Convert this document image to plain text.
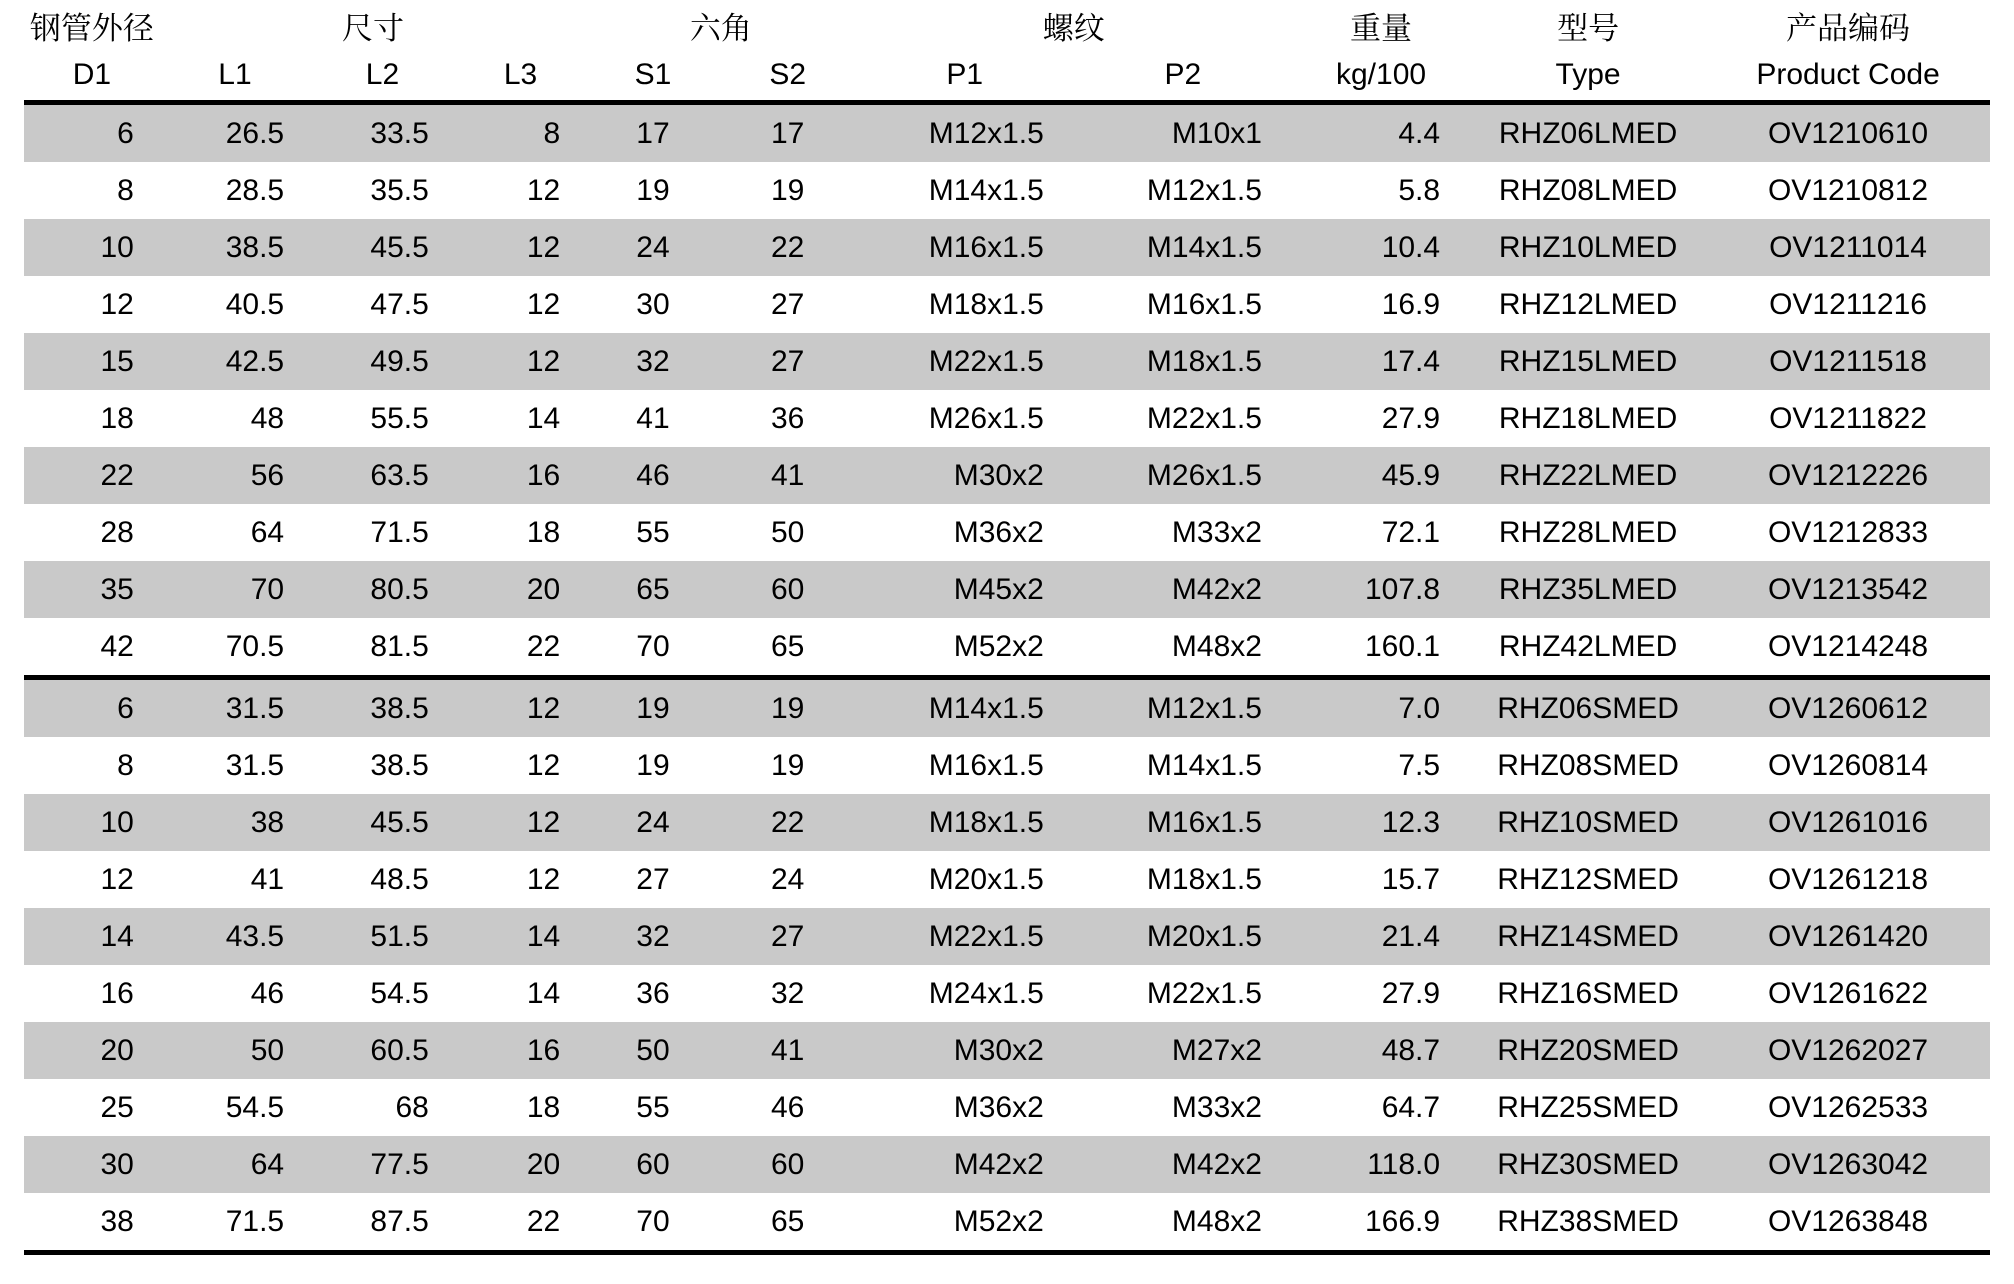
钢管外径	尺寸			六角		螺纹		重量	型号	产品编码
D1	L1	L2	L3	S1	S2	P1	P2	kg/100	Type	Product Code
6	26.5	33.5	8	17	17	M12x1.5	M10x1	4.4	RHZ06LMED	OV1210610
8	28.5	35.5	12	19	19	M14x1.5	M12x1.5	5.8	RHZ08LMED	OV1210812
10	38.5	45.5	12	24	22	M16x1.5	M14x1.5	10.4	RHZ10LMED	OV1211014
12	40.5	47.5	12	30	27	M18x1.5	M16x1.5	16.9	RHZ12LMED	OV1211216
15	42.5	49.5	12	32	27	M22x1.5	M18x1.5	17.4	RHZ15LMED	OV1211518
18	48	55.5	14	41	36	M26x1.5	M22x1.5	27.9	RHZ18LMED	OV1211822
22	56	63.5	16	46	41	M30x2	M26x1.5	45.9	RHZ22LMED	OV1212226
28	64	71.5	18	55	50	M36x2	M33x2	72.1	RHZ28LMED	OV1212833
35	70	80.5	20	65	60	M45x2	M42x2	107.8	RHZ35LMED	OV1213542
42	70.5	81.5	22	70	65	M52x2	M48x2	160.1	RHZ42LMED	OV1214248
6	31.5	38.5	12	19	19	M14x1.5	M12x1.5	7.0	RHZ06SMED	OV1260612
8	31.5	38.5	12	19	19	M16x1.5	M14x1.5	7.5	RHZ08SMED	OV1260814
10	38	45.5	12	24	22	M18x1.5	M16x1.5	12.3	RHZ10SMED	OV1261016
12	41	48.5	12	27	24	M20x1.5	M18x1.5	15.7	RHZ12SMED	OV1261218
14	43.5	51.5	14	32	27	M22x1.5	M20x1.5	21.4	RHZ14SMED	OV1261420
16	46	54.5	14	36	32	M24x1.5	M22x1.5	27.9	RHZ16SMED	OV1261622
20	50	60.5	16	50	41	M30x2	M27x2	48.7	RHZ20SMED	OV1262027
25	54.5	68	18	55	46	M36x2	M33x2	64.7	RHZ25SMED	OV1262533
30	64	77.5	20	60	60	M42x2	M42x2	118.0	RHZ30SMED	OV1263042
38	71.5	87.5	22	70	65	M52x2	M48x2	166.9	RHZ38SMED	OV1263848
